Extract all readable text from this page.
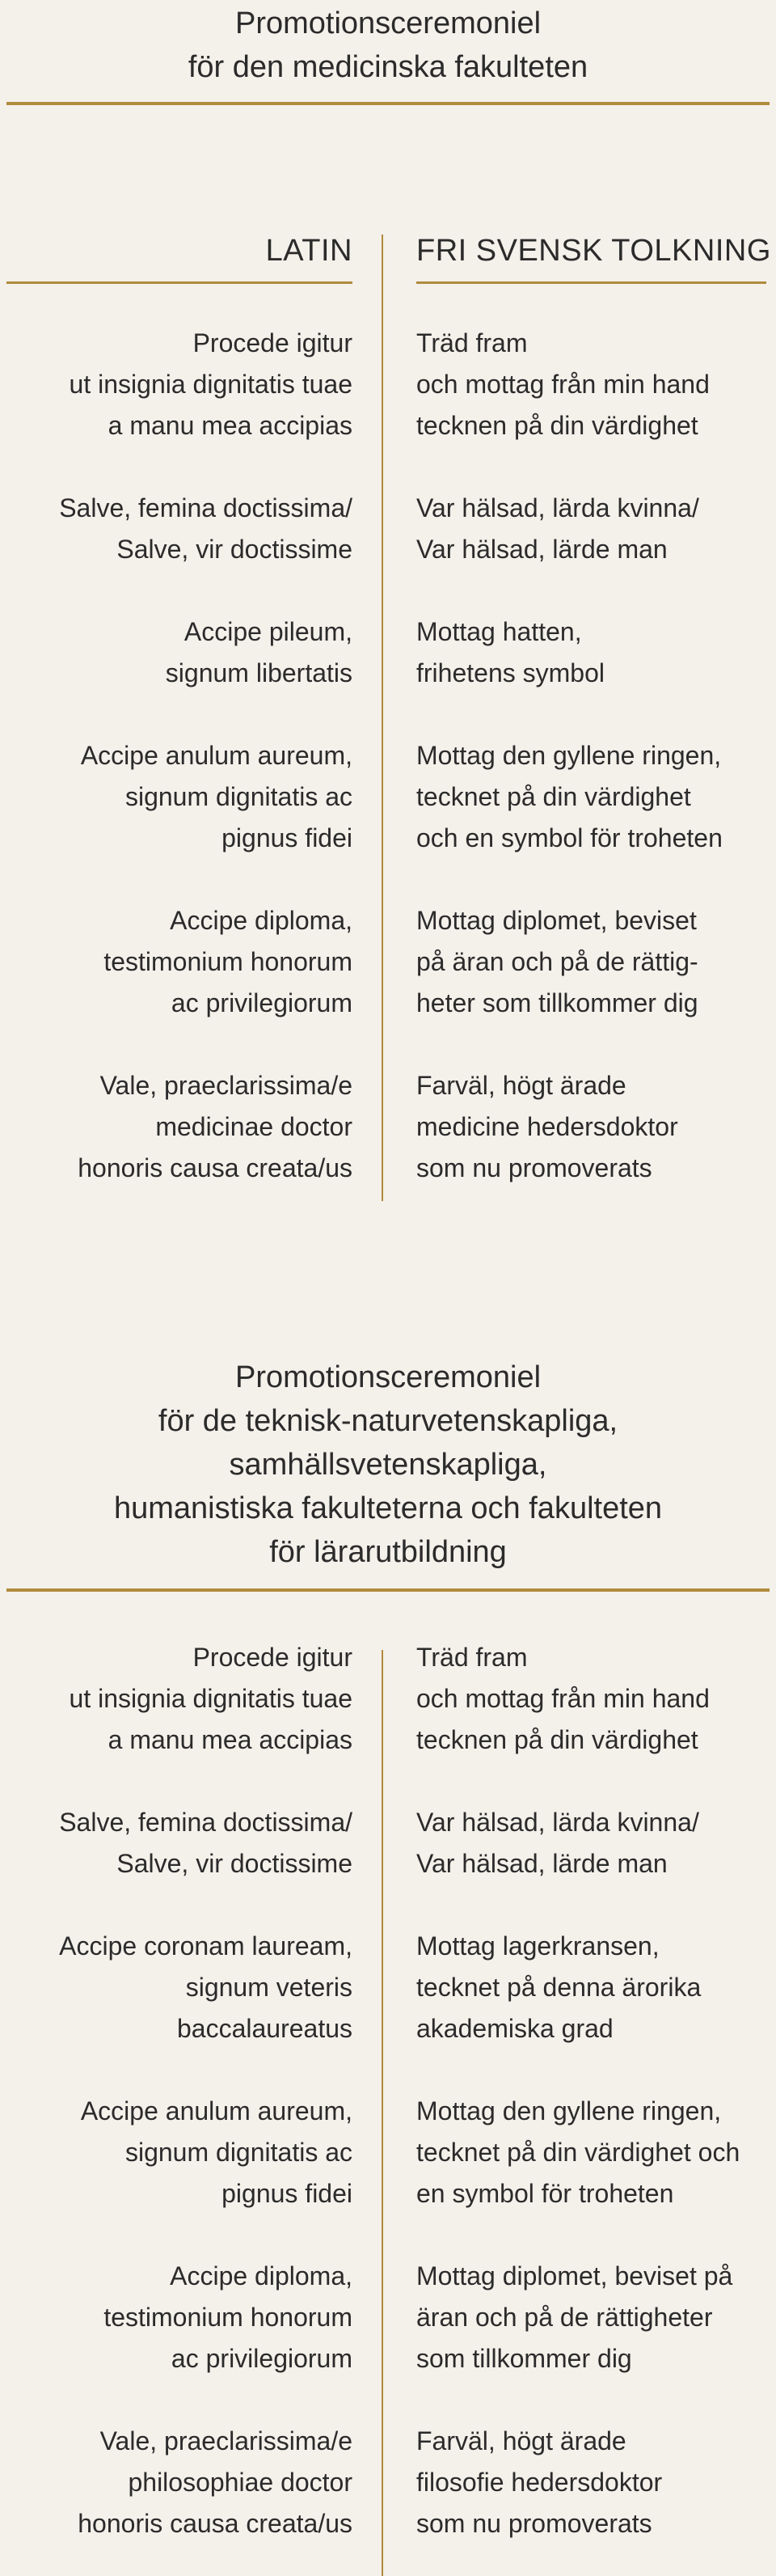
Promotionsceremoniel
för den medicinska fakulteten
LATIN

Procede igitur
ut insignia dignitatis tuae
a manu mea accipias

Salve, femina doctissima/
Salve, vir doctissime

Accipe pileum,
signum libertatis

Accipe anulum aureum,
signum dignitatis ac
pignus fidei

Accipe diploma,
testimonium honorum
ac privilegiorum

Vale, praeclarissima/e
medicinae doctor
honoris causa creata/us

FRI SVENSK TOLKNING

Träd fram
och mottag från min hand
tecknen på din värdighet

Var hälsad, lärda kvinna/
Var hälsad, lärde man

Mottag hatten,
frihetens symbol

Mottag den gyllene ringen,
tecknet på din värdighet
och en symbol för troheten

Mottag diplomet, beviset
på äran och på de rättig-
heter som tillkommer dig

Farväl, högt ärade
medicine hedersdoktor
som nu promoverats

Promotionsceremoniel
för de teknisk-naturvetenskapliga, samhällsvetenskapliga,
humanistiska fakulteterna och fakulteten
för lärarutbildning

Procede igitur
ut insignia dignitatis tuae
a manu mea accipias

Salve, femina doctissima/
Salve, vir doctissime

Accipe coronam lauream,
signum veteris
baccalaureatus

Accipe anulum aureum,
signum dignitatis ac
pignus fidei

Accipe diploma,
testimonium honorum
ac privilegiorum

Vale, praeclarissima/e
philosophiae doctor
honoris causa creata/us

Träd fram
och mottag från min hand
tecknen på din värdighet

Var hälsad, lärda kvinna/
Var hälsad, lärde man

Mottag lagerkransen,
tecknet på denna ärorika
akademiska grad

Mottag den gyllene ringen,
tecknet på din värdighet och
en symbol för troheten

Mottag diplomet, beviset på
äran och på de rättigheter
som tillkommer dig

Farväl, högt ärade
filosofie hedersdoktor
som nu promoverats
